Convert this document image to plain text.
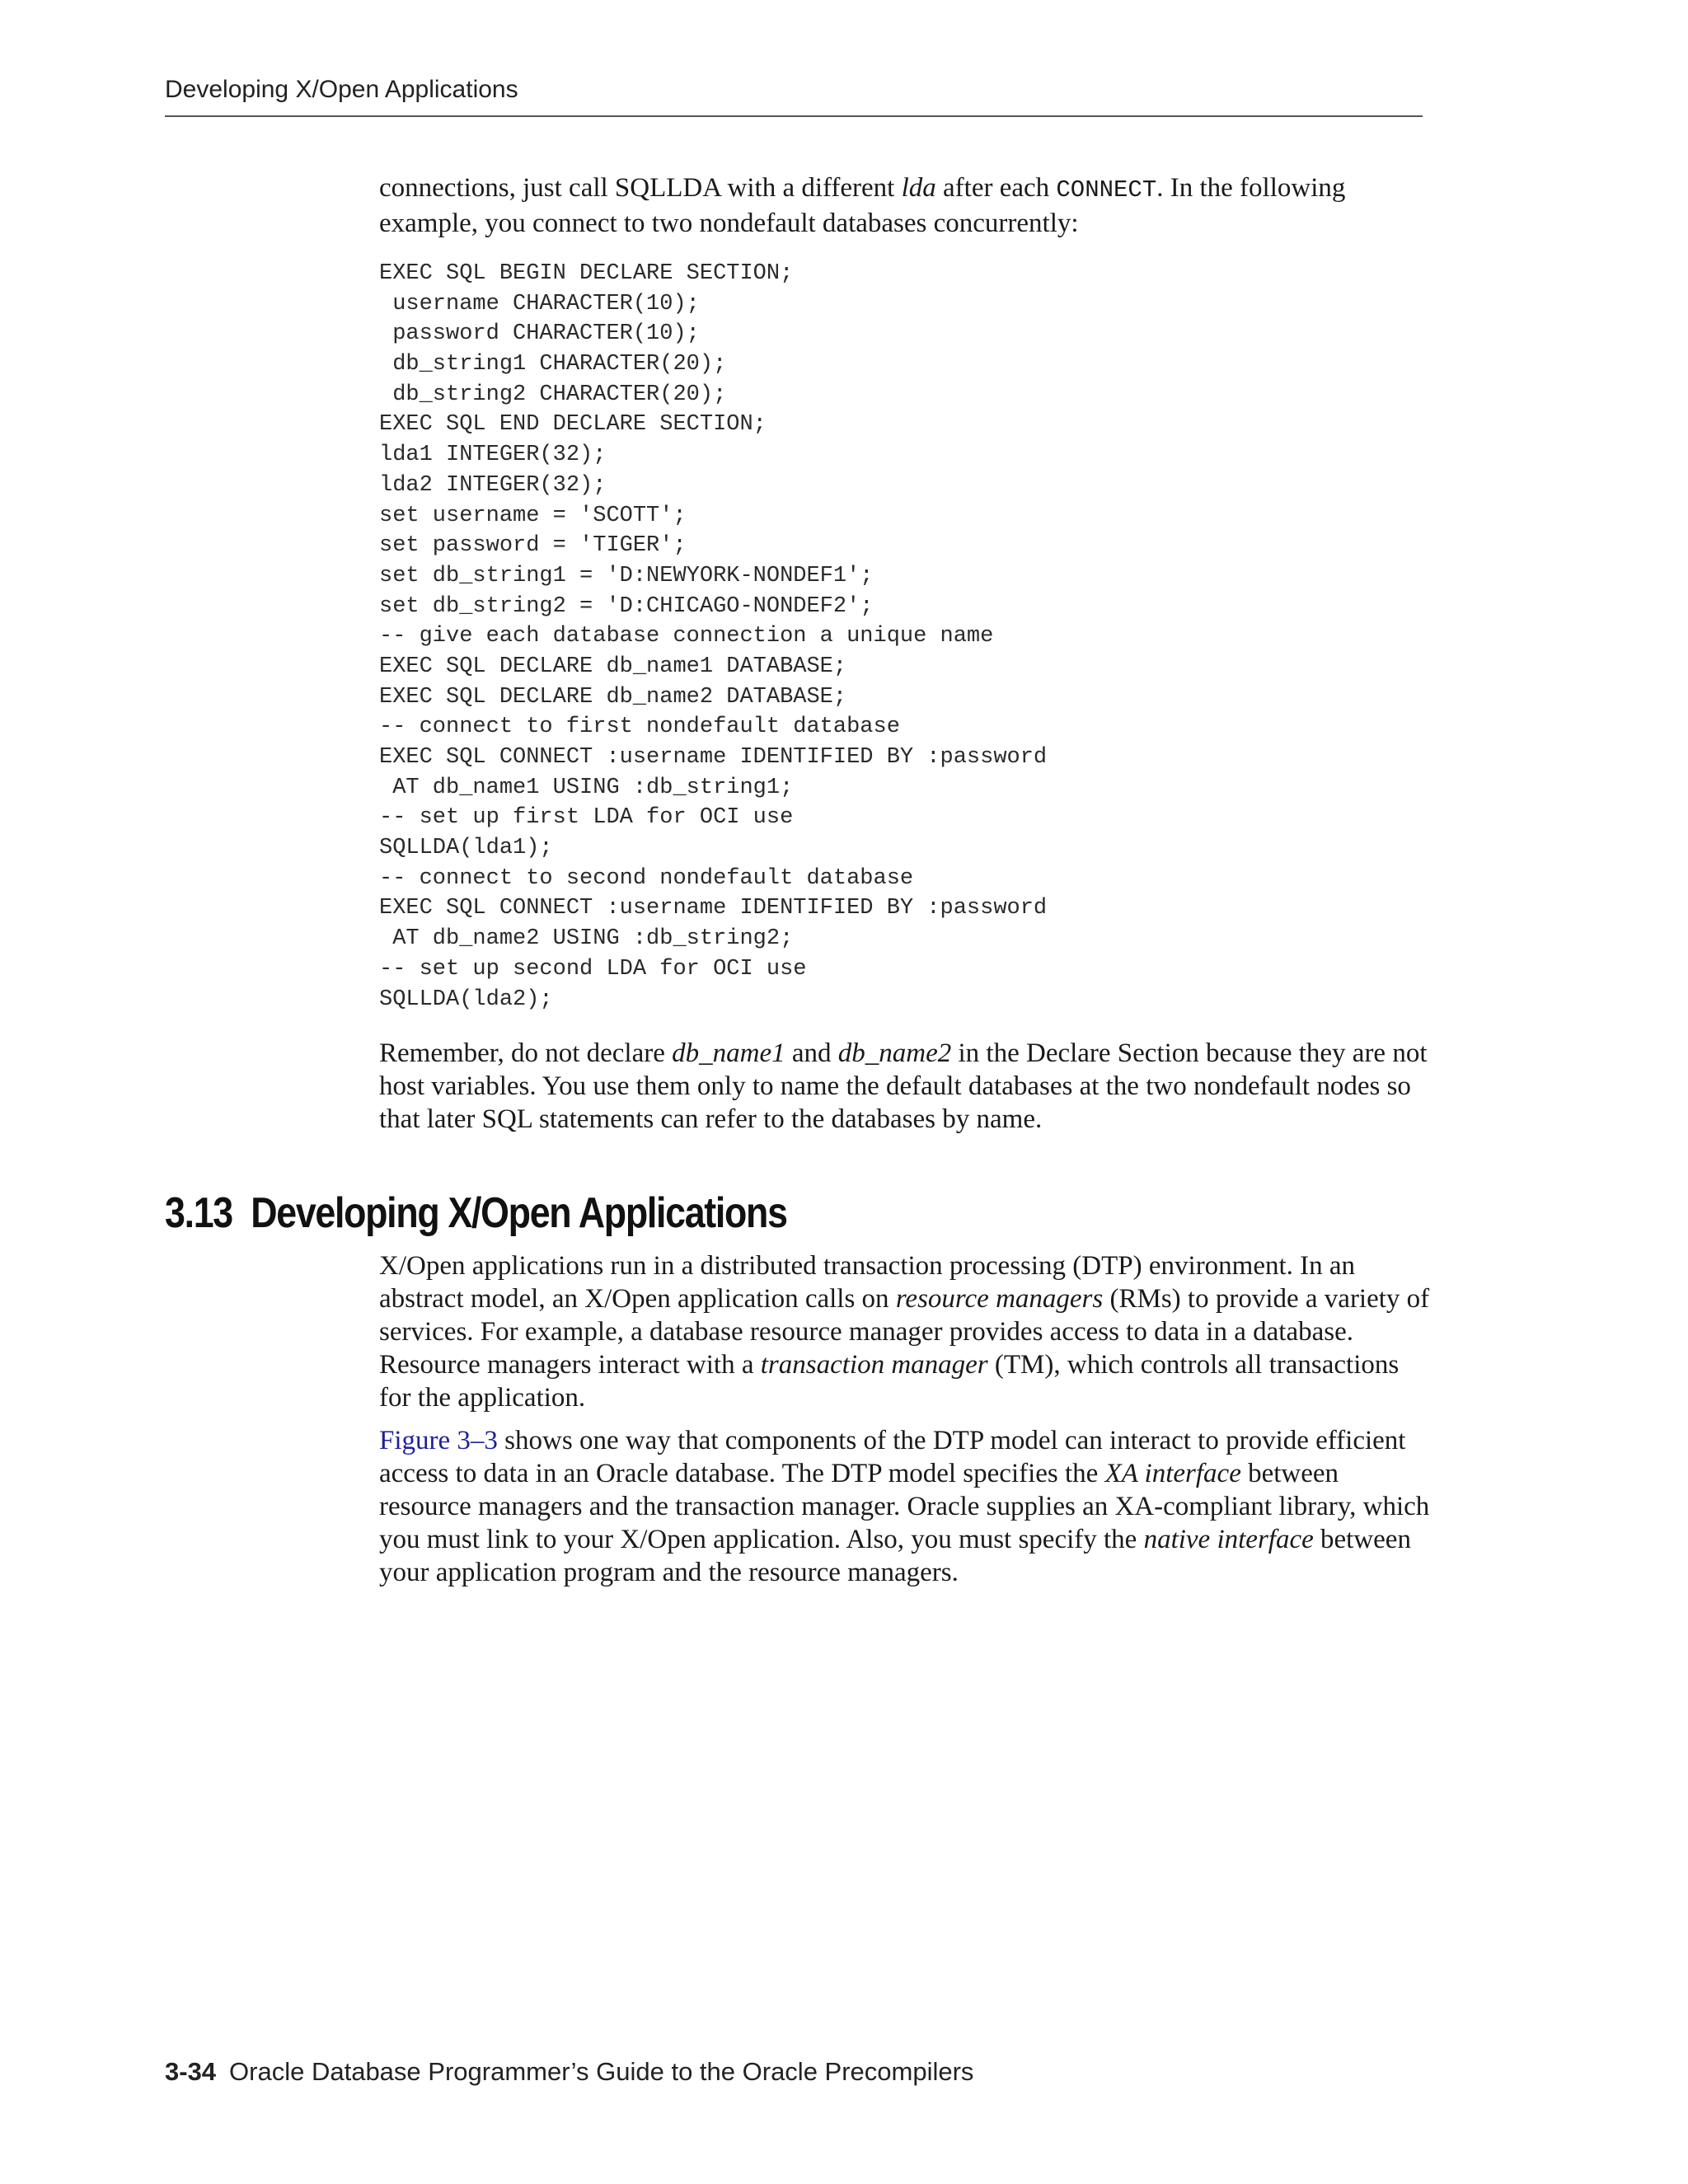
Developing X/Open Applications

connections, just call SQLLDA with a different lda after each CONNECT. In the following example, you connect to two nondefault databases concurrently:

EXEC SQL BEGIN DECLARE SECTION;
username CHARACTER(10);
password CHARACTER(10);
db_string1 CHARACTER(20);
db_string2 CHARACTER(20);
EXEC SQL END DECLARE SECTION;
lda1 INTEGER(32);
lda2 INTEGER(32);
set username = 'SCOTT';
set password = 'TIGER';
set db_string1 = 'D:NEWYORK-NONDEF1';
set db_string2 = 'D:CHICAGO-NONDEF2';
-- give each database connection a unique name
EXEC SQL DECLARE db_name1 DATABASE;
EXEC SQL DECLARE db_name2 DATABASE;
-- connect to first nondefault database
EXEC SQL CONNECT :username IDENTIFIED BY :password
AT db_name1 USING :db_string1;
-- set up first LDA for OCI use
SQLLDA(lda1);
-- connect to second nondefault database
EXEC SQL CONNECT :username IDENTIFIED BY :password
AT db_name2 USING :db_string2;
-- set up second LDA for OCI use
SQLLDA(lda2);

Remember, do not declare db_name1 and db_name2 in the Declare Section because they are not host variables. You use them only to name the default databases at the two nondefault nodes so that later SQL statements can refer to the databases by name.

3.13 Developing X/Open Applications

X/Open applications run in a distributed transaction processing (DTP) environment. In an abstract model, an X/Open application calls on resource managers (RMs) to provide a variety of services. For example, a database resource manager provides access to data in a database. Resource managers interact with a transaction manager (TM), which controls all transactions for the application.

Figure 3–3 shows one way that components of the DTP model can interact to provide efficient access to data in an Oracle database. The DTP model specifies the XA interface between resource managers and the transaction manager. Oracle supplies an XA-compliant library, which you must link to your X/Open application. Also, you must specify the native interface between your application program and the resource managers.

3-34 Oracle Database Programmer’s Guide to the Oracle Precompilers
